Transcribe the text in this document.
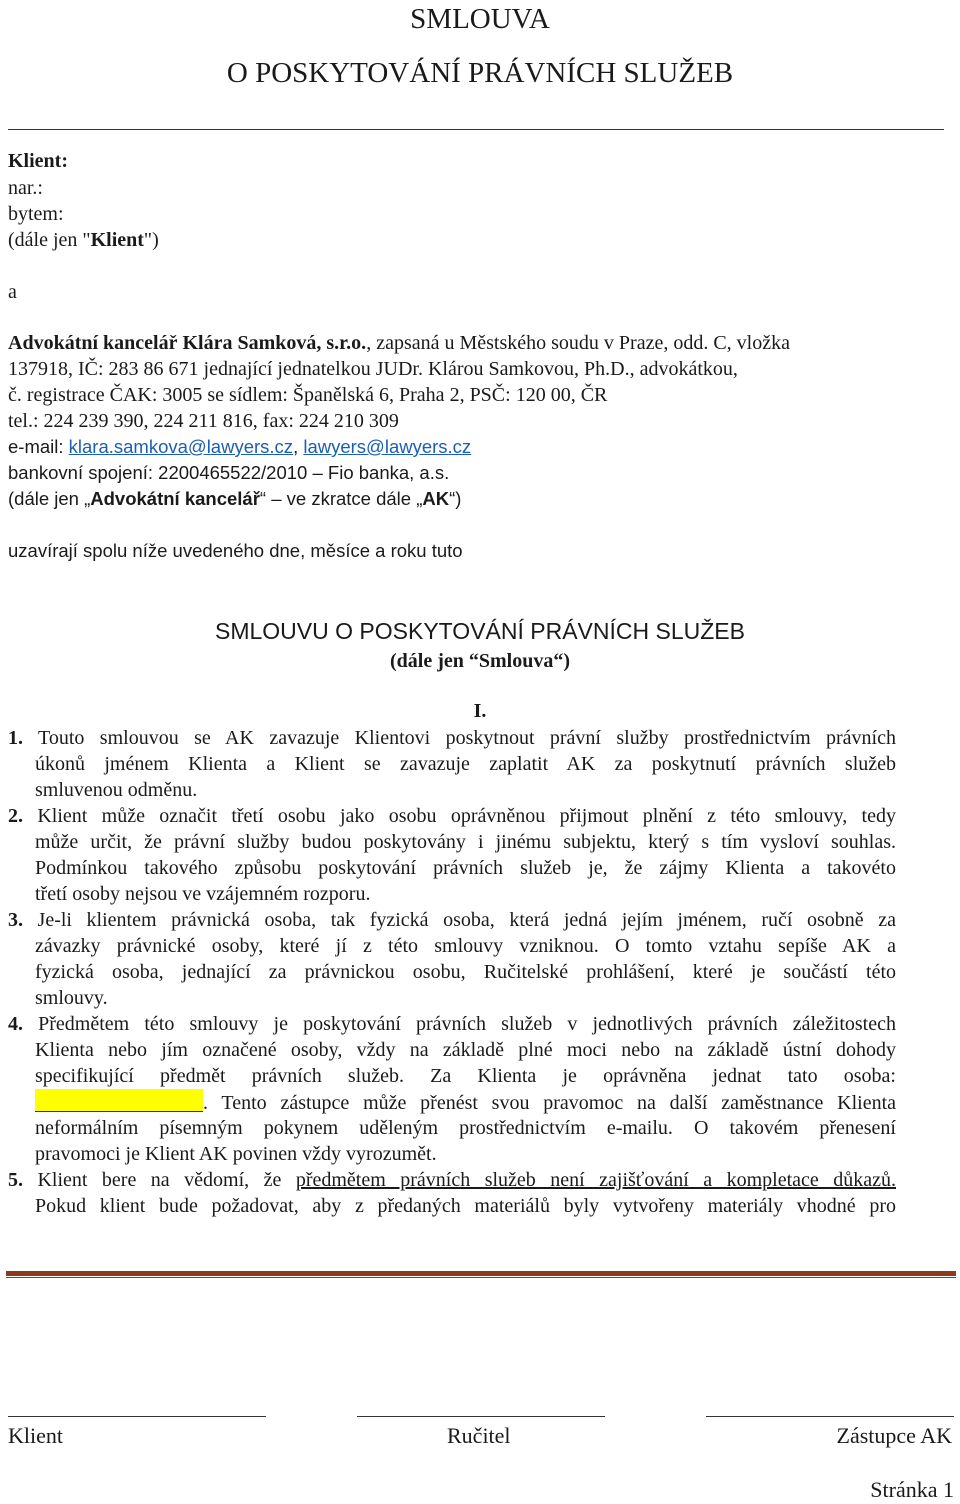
SMLOUVA
O POSKYTOVÁNÍ PRÁVNÍCH SLUŽEB
Klient:
nar.:
bytem:
(dále jen "Klient")
a
Advokátní kancelář Klára Samková, s.r.o., zapsaná u Městského soudu v Praze, odd. C, vložka
137918, IČ: 283 86 671 jednající jednatelkou JUDr. Klárou Samkovou, Ph.D., advokátkou,
č. registrace ČAK: 3005 se sídlem: Španělská 6, Praha 2, PSČ: 120 00, ČR
tel.: 224 239 390, 224 211 816, fax: 224 210 309
e-mail: klara.samkova@lawyers.cz, lawyers@lawyers.cz
bankovní spojení: 2200465522/2010 – Fio banka, a.s.
(dále jen „Advokátní kancelář“ – ve zkratce dále „AK“)
uzavírají spolu níže uvedeného dne, měsíce a roku tuto
SMLOUVU O POSKYTOVÁNÍ PRÁVNÍCH SLUŽEB
(dále jen “Smlouva“)
I.
1. Touto smlouvou se AK zavazuje Klientovi poskytnout právní služby prostřednictvím právních
úkonů jménem Klienta a Klient se zavazuje zaplatit AK za poskytnutí právních služeb
smluvenou odměnu.
2. Klient může označit třetí osobu jako osobu oprávněnou přijmout plnění z této smlouvy, tedy
může určit, že právní služby budou poskytovány i jinému subjektu, který s tím vysloví souhlas.
Podmínkou takového způsobu poskytování právních služeb je, že zájmy Klienta a takovéto
třetí osoby nejsou ve vzájemném rozporu.
3. Je-li klientem právnická osoba, tak fyzická osoba, která jedná jejím jménem, ručí osobně za
závazky právnické osoby, které jí z této smlouvy vzniknou. O tomto vztahu sepíše AK a
fyzická osoba, jednající za právnickou osobu, Ručitelské prohlášení, které je součástí této
smlouvy.
4. Předmětem této smlouvy je poskytování právních služeb v jednotlivých právních záležitostech
Klienta nebo jím označené osoby, vždy na základě plné moci nebo na základě ústní dohody
specifikující předmět právních služeb. Za Klienta je oprávněna jednat tato osoba:
. Tento zástupce může přenést svou pravomoc na další zaměstnance Klienta
neformálním písemným pokynem uděleným prostřednictvím e-mailu. O takovém přenesení
pravomoci je Klient AK povinen vždy vyrozumět.
5. Klient bere na vědomí, že předmětem právních služeb není zajišťování a kompletace důkazů.
Pokud klient bude požadovat, aby z předaných materiálů byly vytvořeny materiály vhodné pro
Klient	Ručitel	Zástupce AK
Stránka 1
